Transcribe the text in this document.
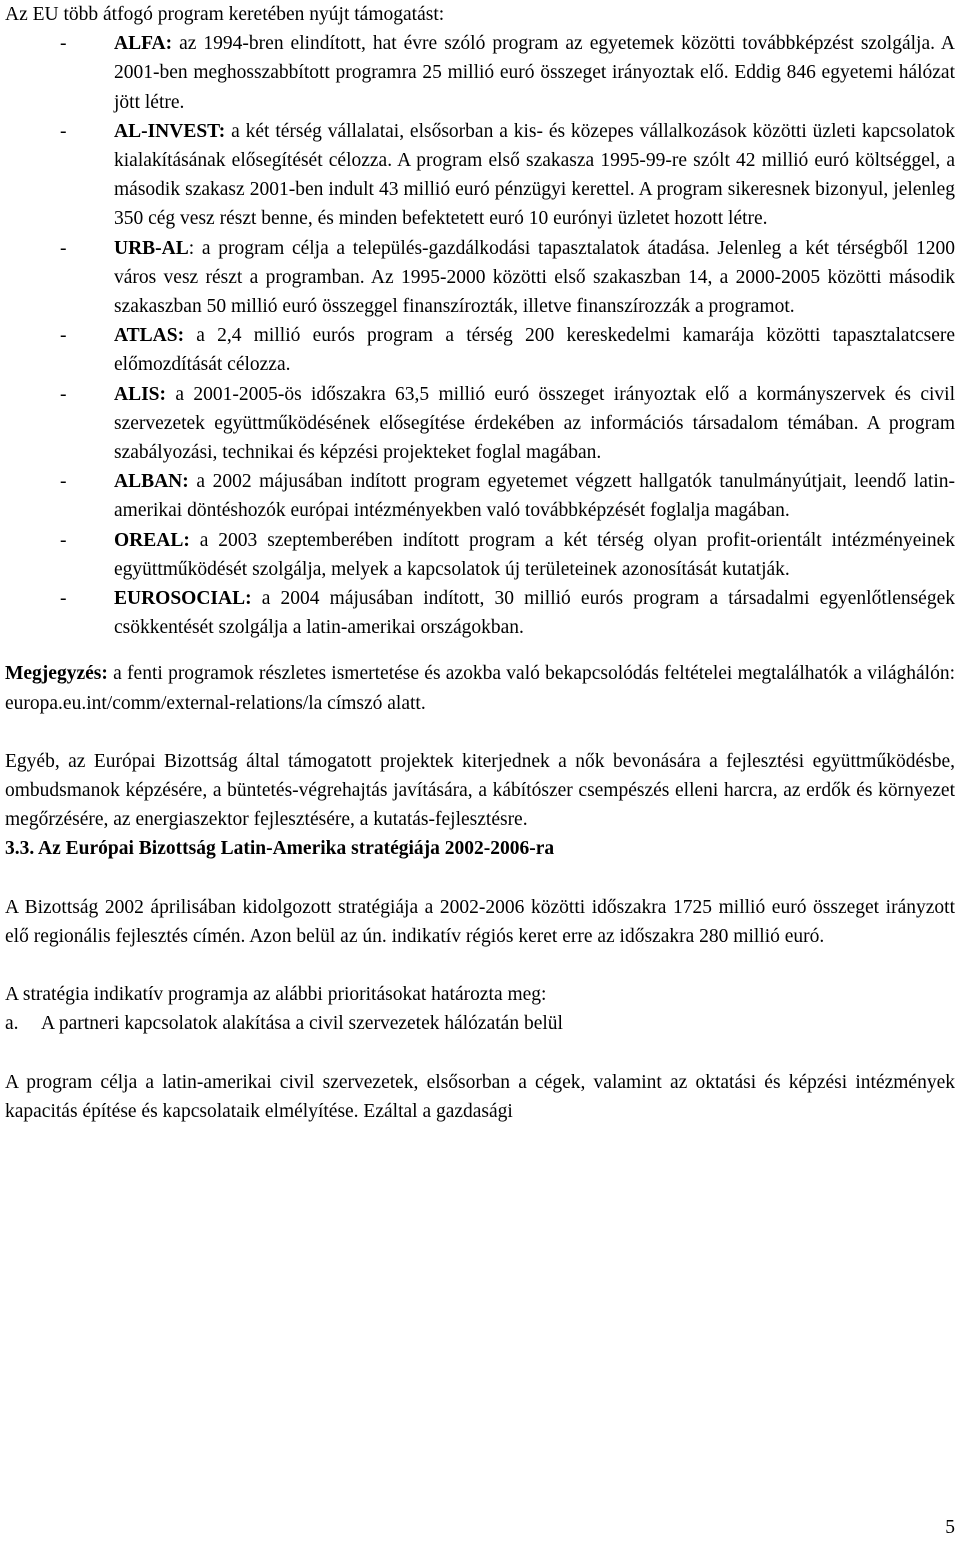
Az EU több átfogó program keretében nyújt támogatást:

- ALFA: az 1994-bren elindított, hat évre szóló program az egyetemek közötti továbbképzést szolgálja. A 2001-ben meghosszabbított programra 25 millió euró összeget irányoztak elő. Eddig 846 egyetemi hálózat jött létre.
- AL-INVEST: a két térség vállalatai, elsősorban a kis- és közepes vállalkozások közötti üzleti kapcsolatok kialakításának elősegítését célozza. A program első szakasza 1995-99-re szólt 42 millió euró költséggel, a második szakasz 2001-ben indult 43 millió euró pénzügyi kerettel. A program sikeresnek bizonyul, jelenleg 350 cég vesz részt benne, és minden befektetett euró 10 eurónyi üzletet hozott létre.
- URB-AL: a program célja a település-gazdálkodási tapasztalatok átadása. Jelenleg a két térségből 1200 város vesz részt a programban. Az 1995-2000 közötti első szakaszban 14, a 2000-2005 közötti második szakaszban 50 millió euró összeggel finanszírozták, illetve finanszírozzák a programot.
- ATLAS: a 2,4 millió eurós program a térség 200 kereskedelmi kamarája közötti tapasztalatcsere előmozdítását célozza.
- ALIS: a 2001-2005-ös időszakra 63,5 millió euró összeget irányoztak elő a kormányszervek és civil szervezetek együttműködésének elősegítése érdekében az információs társadalom témában. A program szabályozási, technikai és képzési projekteket foglal magában.
- ALBAN: a 2002 májusában indított program egyetemet végzett hallgatók tanulmányútjait, leendő latin-amerikai döntéshozók európai intézményekben való továbbképzését foglalja magában.
- OREAL: a 2003 szeptemberében indított program a két térség olyan profit-orientált intézményeinek együttműködését szolgálja, melyek a kapcsolatok új területeinek azonosítását kutatják.
- EUROSOCIAL: a 2004 májusában indított, 30 millió eurós program a társadalmi egyenlőtlenségek csökkentését szolgálja a latin-amerikai országokban.

Megjegyzés: a fenti programok részletes ismertetése és azokba való bekapcsolódás feltételei megtalálhatók a világhálón: europa.eu.int/comm/external-relations/la címszó alatt.

Egyéb, az Európai Bizottság által támogatott projektek kiterjednek a nők bevonására a fejlesztési együttműködésbe, ombudsmanok képzésére, a büntetés-végrehajtás javítására, a kábítószer csempészés elleni harcra, az erdők és környezet megőrzésére, az energiaszektor fejlesztésére, a kutatás-fejlesztésre.

3.3. Az Európai Bizottság Latin-Amerika stratégiája 2002-2006-ra

A Bizottság 2002 áprilisában kidolgozott stratégiája a 2002-2006 közötti időszakra 1725 millió euró összeget irányzott elő regionális fejlesztés címén. Azon belül az ún. indikatív régiós keret erre az időszakra 280 millió euró.

A stratégia indikatív programja az alábbi prioritásokat határozta meg:

a. A partneri kapcsolatok alakítása a civil szervezetek hálózatán belül

A program célja a latin-amerikai civil szervezetek, elsősorban a cégek, valamint az oktatási és képzési intézmények kapacitás építése és kapcsolataik elmélyítése. Ezáltal a gazdasági

5
